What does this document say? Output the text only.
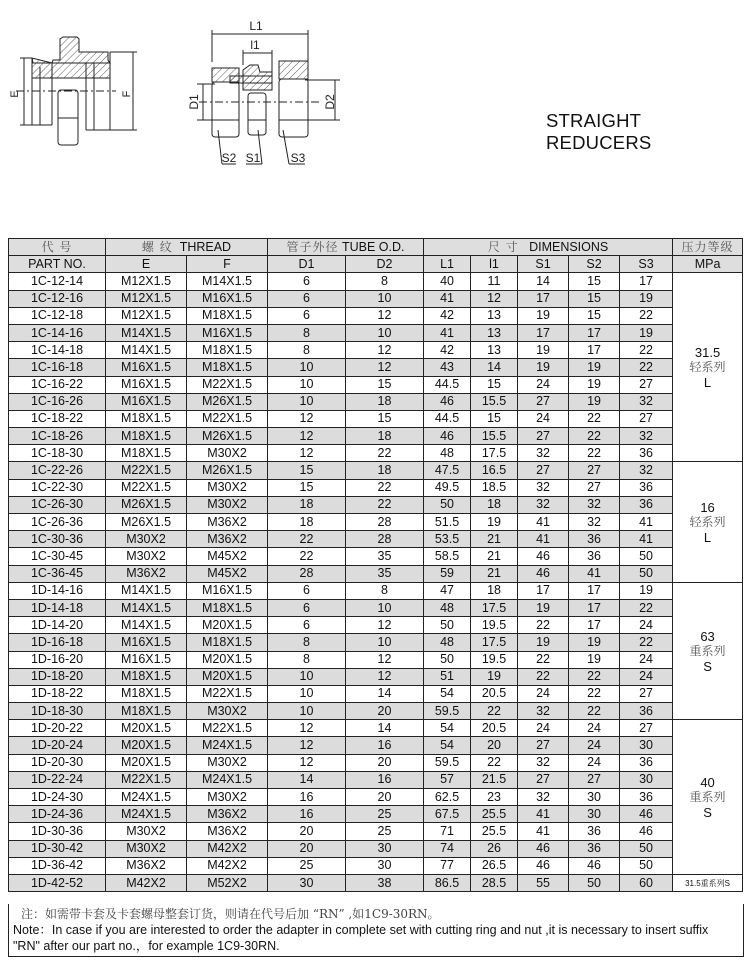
E	F
L1
l1
D1	D2
S2 S1	S3
STRAIGHT REDUCERS
代 号	螺 纹 THREAD		管子外径 TUBE O.D.		尺 寸 DIMENSIONS					压力等级
PART NO.	E	F	D1	D2	L1	l1	S1	S2	S3	MPa
1C-12-14	M12X1.5	M14X1.5	6	8	40	11	14	15	17	31.5
轻系列
L

1C-12-16	M12X1.5	M16X1.5	6	10	41	12	17	15	19	
1C-12-18	M12X1.5	M18X1.5	6	12	42	13	19	15	22	
1C-14-16	M14X1.5	M16X1.5	8	10	41	13	17	17	19	
1C-14-18	M14X1.5	M18X1.5	8	12	42	13	19	17	22	
1C-16-18	M16X1.5	M18X1.5	10	12	43	14	19	19	22	
1C-16-22	M16X1.5	M22X1.5	10	15	44.5	15	24	19	27	
1C-16-26	M16X1.5	M26X1.5	10	18	46	15.5	27	19	32	
1C-18-22	M18X1.5	M22X1.5	12	15	44.5	15	24	22	27	
1C-18-26	M18X1.5	M26X1.5	12	18	46	15.5	27	22	32	
1C-18-30	M18X1.5	M30X2	12	22	48	17.5	32	22	36	
1C-22-26	M22X1.5	M26X1.5	15	18	47.5	16.5	27	27	32	16
轻系列
L

1C-22-30	M22X1.5	M30X2	15	22	49.5	18.5	32	27	36	
1C-26-30	M26X1.5	M30X2	18	22	50	18	32	32	36	
1C-26-36	M26X1.5	M36X2	18	28	51.5	19	41	32	41	
1C-30-36	M30X2	M36X2	22	28	53.5	21	41	36	41	
1C-30-45	M30X2	M45X2	22	35	58.5	21	46	36	50	
1C-36-45	M36X2	M45X2	28	35	59	21	46	41	50	
1D-14-16	M14X1.5	M16X1.5	6	8	47	18	17	17	19	63
重系列
S

1D-14-18	M14X1.5	M18X1.5	6	10	48	17.5	19	17	22	
1D-14-20	M14X1.5	M20X1.5	6	12	50	19.5	22	17	24	
1D-16-18	M16X1.5	M18X1.5	8	10	48	17.5	19	19	22	
1D-16-20	M16X1.5	M20X1.5	8	12	50	19.5	22	19	24	
1D-18-20	M18X1.5	M20X1.5	10	12	51	19	22	22	24	
1D-18-22	M18X1.5	M22X1.5	10	14	54	20.5	24	22	27	
1D-18-30	M18X1.5	M30X2	10	20	59.5	22	32	22	36	
1D-20-22	M20X1.5	M22X1.5	12	14	54	20.5	24	24	27	40
重系列
S

1D-20-24	M20X1.5	M24X1.5	12	16	54	20	27	24	30	
1D-20-30	M20X1.5	M30X2	12	20	59.5	22	32	24	36	
1D-22-24	M22X1.5	M24X1.5	14	16	57	21.5	27	27	30	
1D-24-30	M24X1.5	M30X2	16	20	62.5	23	32	30	36	
1D-24-36	M24X1.5	M36X2	16	25	67.5	25.5	41	30	46	
1D-30-36	M30X2	M36X2	20	25	71	25.5	41	36	46	
1D-30-42	M30X2	M42X2	20	30	74	26	46	36	50	
1D-36-42	M36X2	M42X2	25	30	77	26.5	46	46	50	
1D-42-52	M42X2	M52X2	30	38	86.5	28.5	55	50	60	31.5重系列S
注：如需带卡套及卡套螺母整套订货，则请在代号后加 “RN” ,如1C9-30RN。
Note：In case if you are interested to order the adapter in complete set with cutting ring and nut ,it is necessary to insert suffix
"RN" after our part no.，for example 1C9-30RN.
